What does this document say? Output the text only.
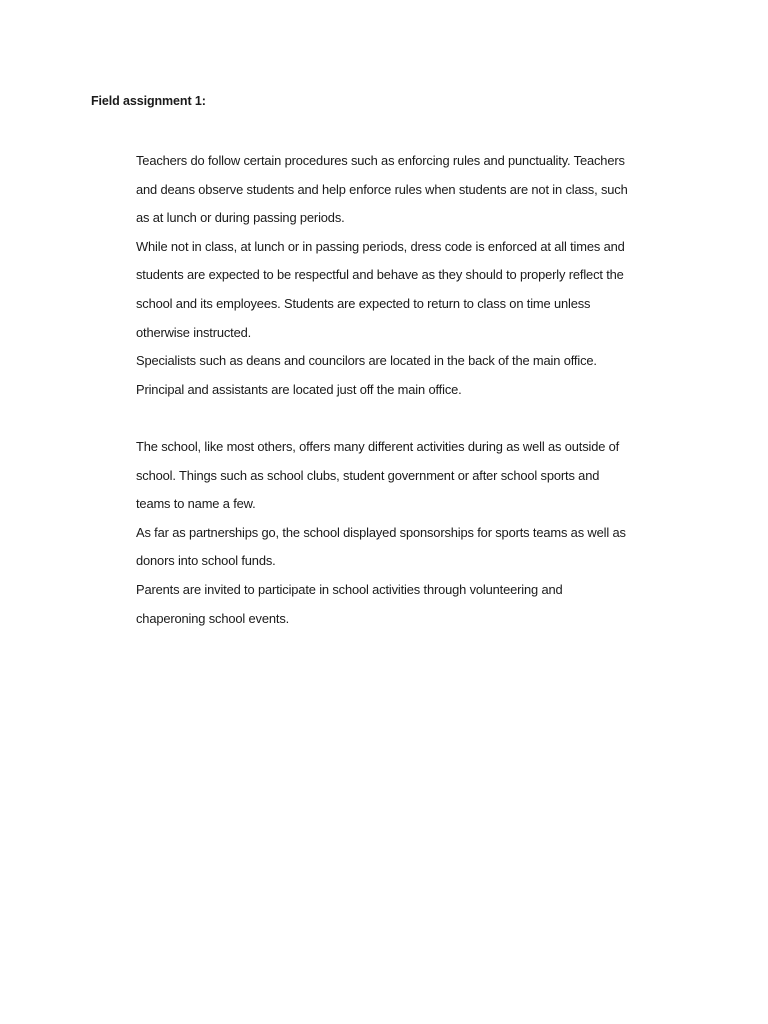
Field assignment 1:
Teachers do follow certain procedures such as enforcing rules and punctuality. Teachers
and deans observe students and help enforce rules when students are not in class, such
as at lunch or during passing periods.
While not in class, at lunch or in passing periods, dress code is enforced at all times and
students are expected to be respectful and behave as they should to properly reflect the
school and its employees. Students are expected to return to class on time unless
otherwise instructed.
Specialists such as deans and councilors are located in the back of the main office.
Principal and assistants are located just off the main office.
The school, like most others, offers many different activities during as well as outside of
school. Things such as school clubs, student government or after school sports and
teams to name a few.
As far as partnerships go, the school displayed sponsorships for sports teams as well as
donors into school funds.
Parents are invited to participate in school activities through volunteering and
chaperoning school events.
